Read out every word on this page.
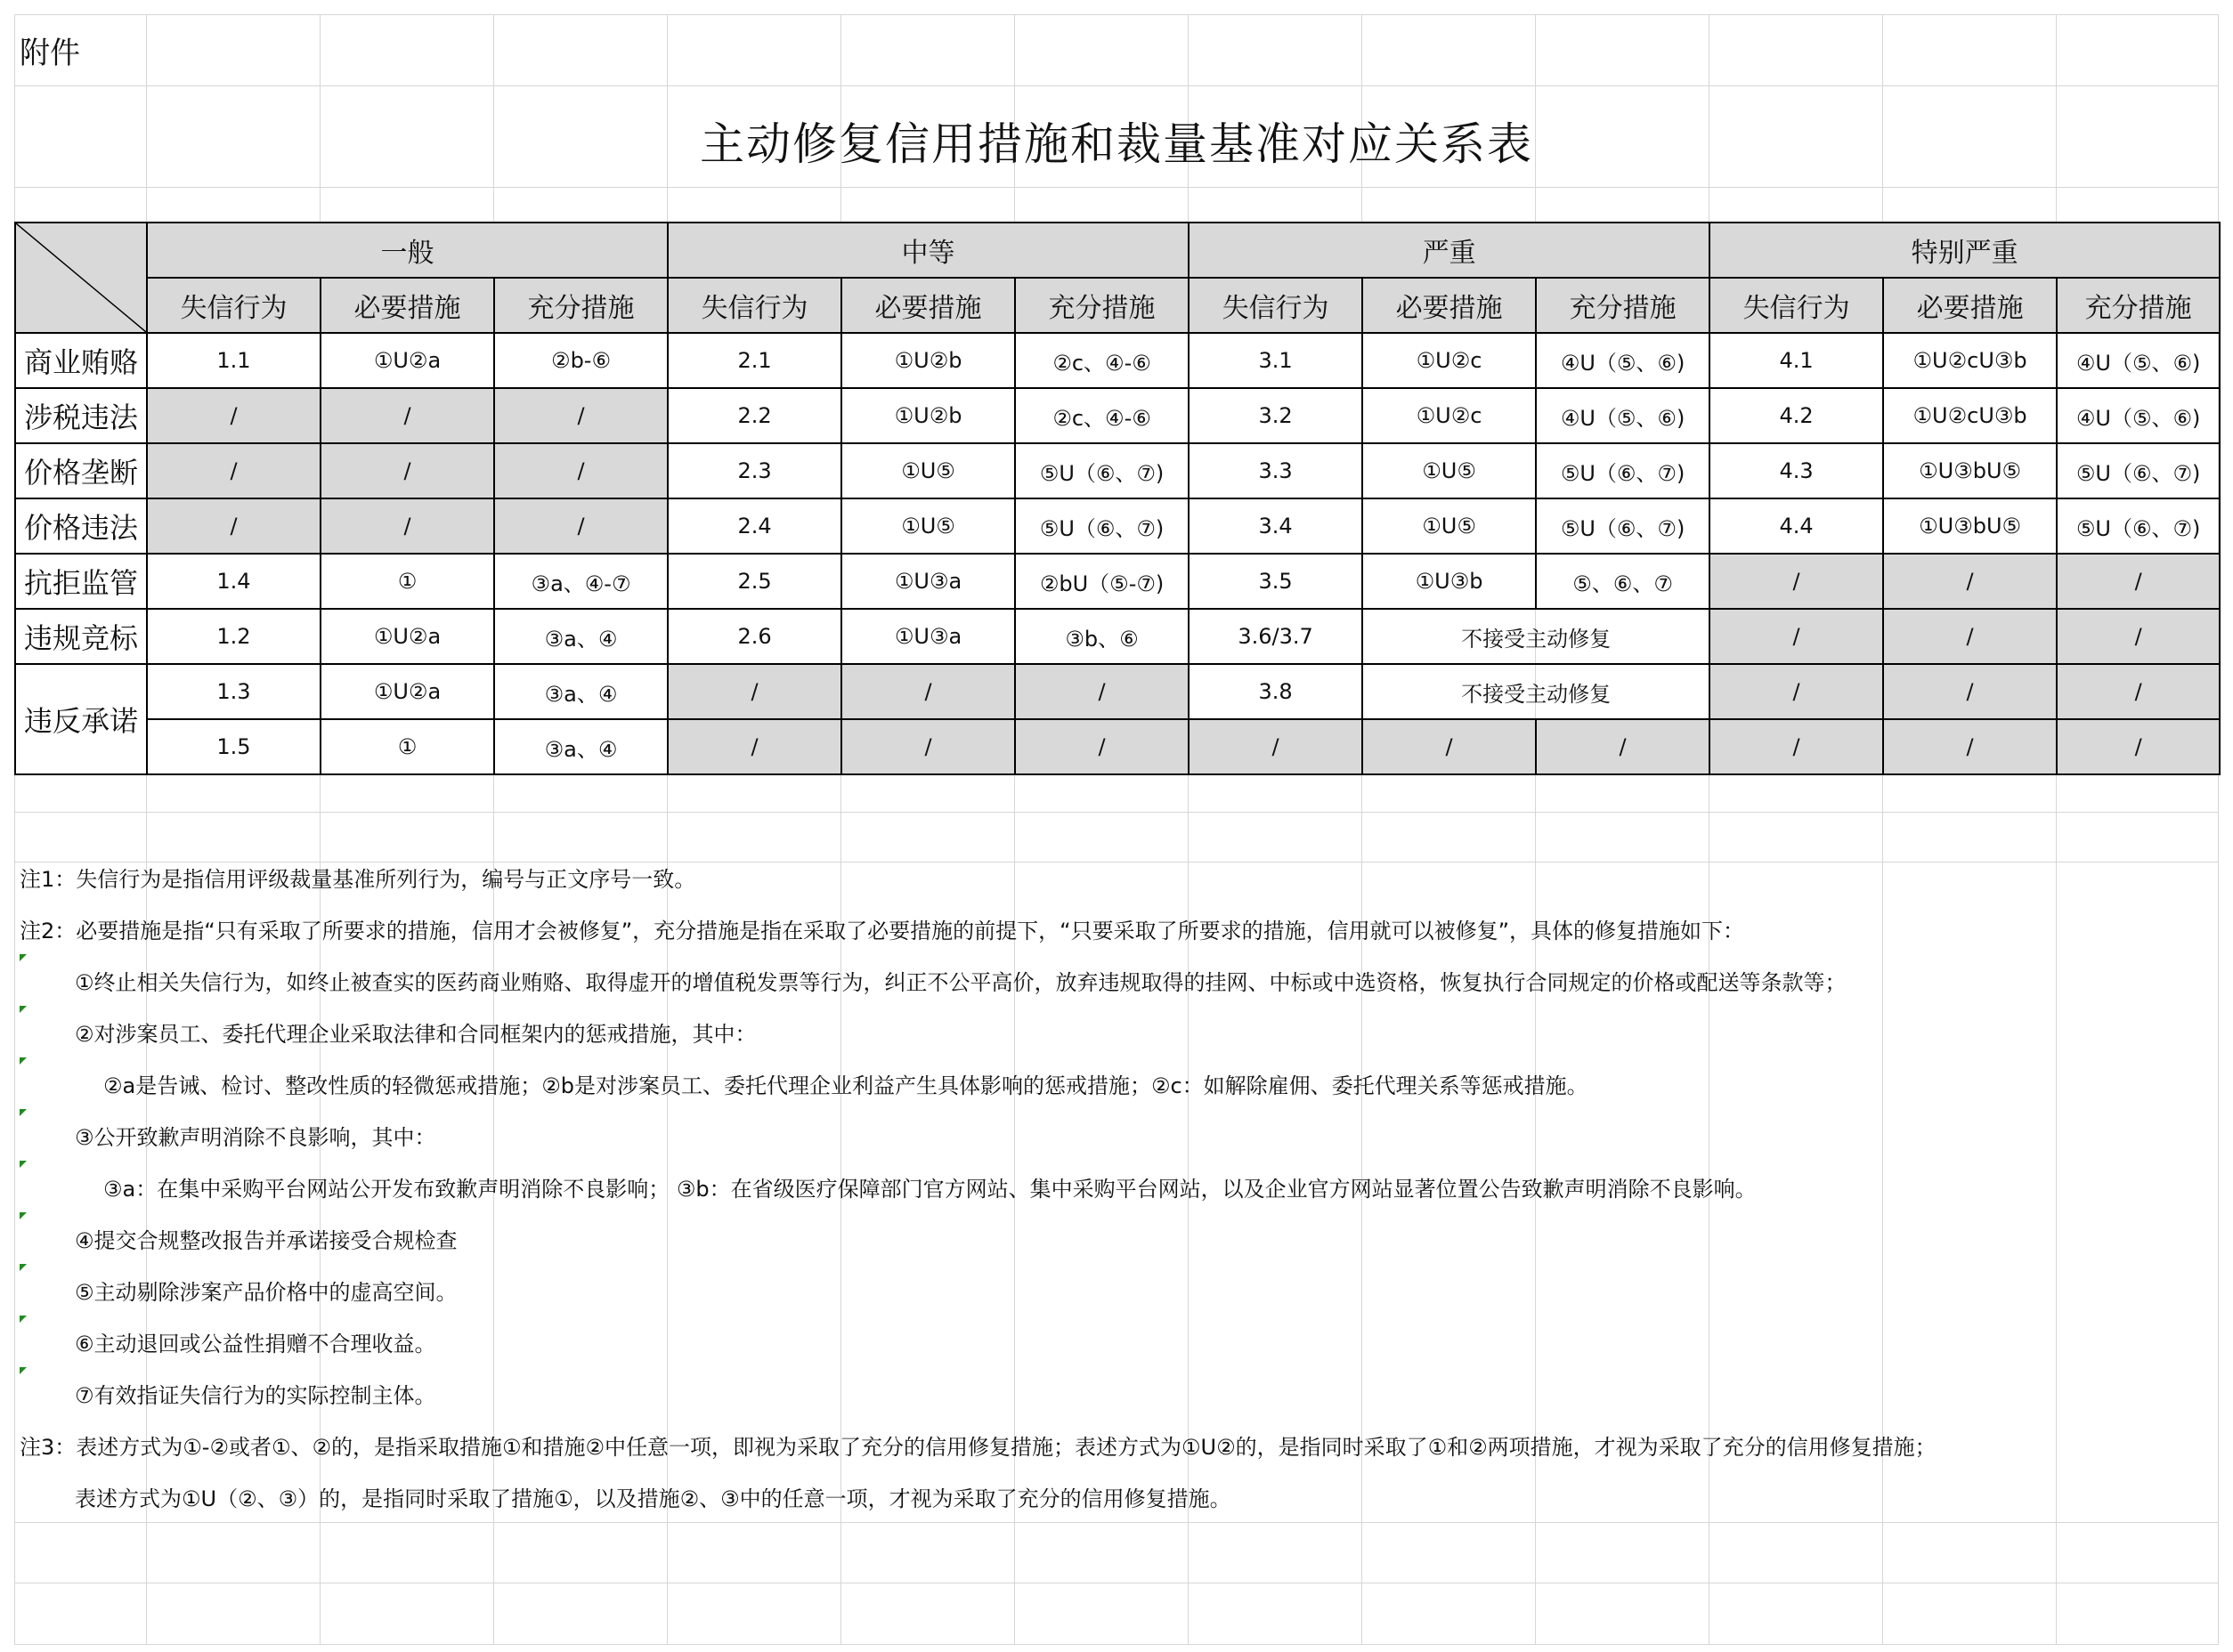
附件
主动修复信用措施和裁量基准对应关系表
	一般			中等			严重			特别严重		
	失信行为	必要措施	充分措施	失信行为	必要措施	充分措施	失信行为	必要措施	充分措施	失信行为	必要措施	充分措施
商业贿赂	1.1	①U②a	②b-⑥	2.1	①U②b	②c、④-⑥	3.1	①U②c	④U（⑤、⑥)	4.1	①U②cU③b	④U（⑤、⑥)
涉税违法	/	/	/	2.2	①U②b	②c、④-⑥	3.2	①U②c	④U（⑤、⑥)	4.2	①U②cU③b	④U（⑤、⑥)
价格垄断	/	/	/	2.3	①U⑤	⑤U（⑥、⑦)	3.3	①U⑤	⑤U（⑥、⑦)	4.3	①U③bU⑤	⑤U（⑥、⑦)
价格违法	/	/	/	2.4	①U⑤	⑤U（⑥、⑦)	3.4	①U⑤	⑤U（⑥、⑦)	4.4	①U③bU⑤	⑤U（⑥、⑦)
抗拒监管	1.4	①	③a、④-⑦	2.5	①U③a	②bU（⑤-⑦)	3.5	①U③b	⑤、⑥、⑦	/	/	/
违规竞标	1.2	①U②a	③a、④	2.6	①U③a	③b、⑥	3.6/3.7	不接受主动修复		/	/	/
违反承诺	1.3	①U②a	③a、④	/	/	/	3.8	不接受主动修复		/	/	/
	1.5	①	③a、④	/	/	/	/	/	/	/	/	/
注1：失信行为是指信用评级裁量基准所列行为，编号与正文序号一致。
注2：必要措施是指“只有采取了所要求的措施，信用才会被修复”，充分措施是指在采取了必要措施的前提下，“只要采取了所要求的措施，信用就可以被修复”，具体的修复措施如下：
①终止相关失信行为，如终止被查实的医药商业贿赂、取得虚开的增值税发票等行为，纠正不公平高价，放弃违规取得的挂网、中标或中选资格，恢复执行合同规定的价格或配送等条款等；
②对涉案员工、委托代理企业采取法律和合同框架内的惩戒措施，其中：
②a是告诫、检讨、整改性质的轻微惩戒措施；②b是对涉案员工、委托代理企业利益产生具体影响的惩戒措施；②c：如解除雇佣、委托代理关系等惩戒措施。
③公开致歉声明消除不良影响，其中：
③a：在集中采购平台网站公开发布致歉声明消除不良影响； ③b：在省级医疗保障部门官方网站、集中采购平台网站，以及企业官方网站显著位置公告致歉声明消除不良影响。
④提交合规整改报告并承诺接受合规检查
⑤主动剔除涉案产品价格中的虚高空间。
⑥主动退回或公益性捐赠不合理收益。
⑦有效指证失信行为的实际控制主体。
注3：表述方式为①-②或者①、②的，是指采取措施①和措施②中任意一项，即视为采取了充分的信用修复措施；表述方式为①U②的，是指同时采取了①和②两项措施，才视为采取了充分的信用修复措施；
表述方式为①U（②、③）的，是指同时采取了措施①，以及措施②、③中的任意一项，才视为采取了充分的信用修复措施。
